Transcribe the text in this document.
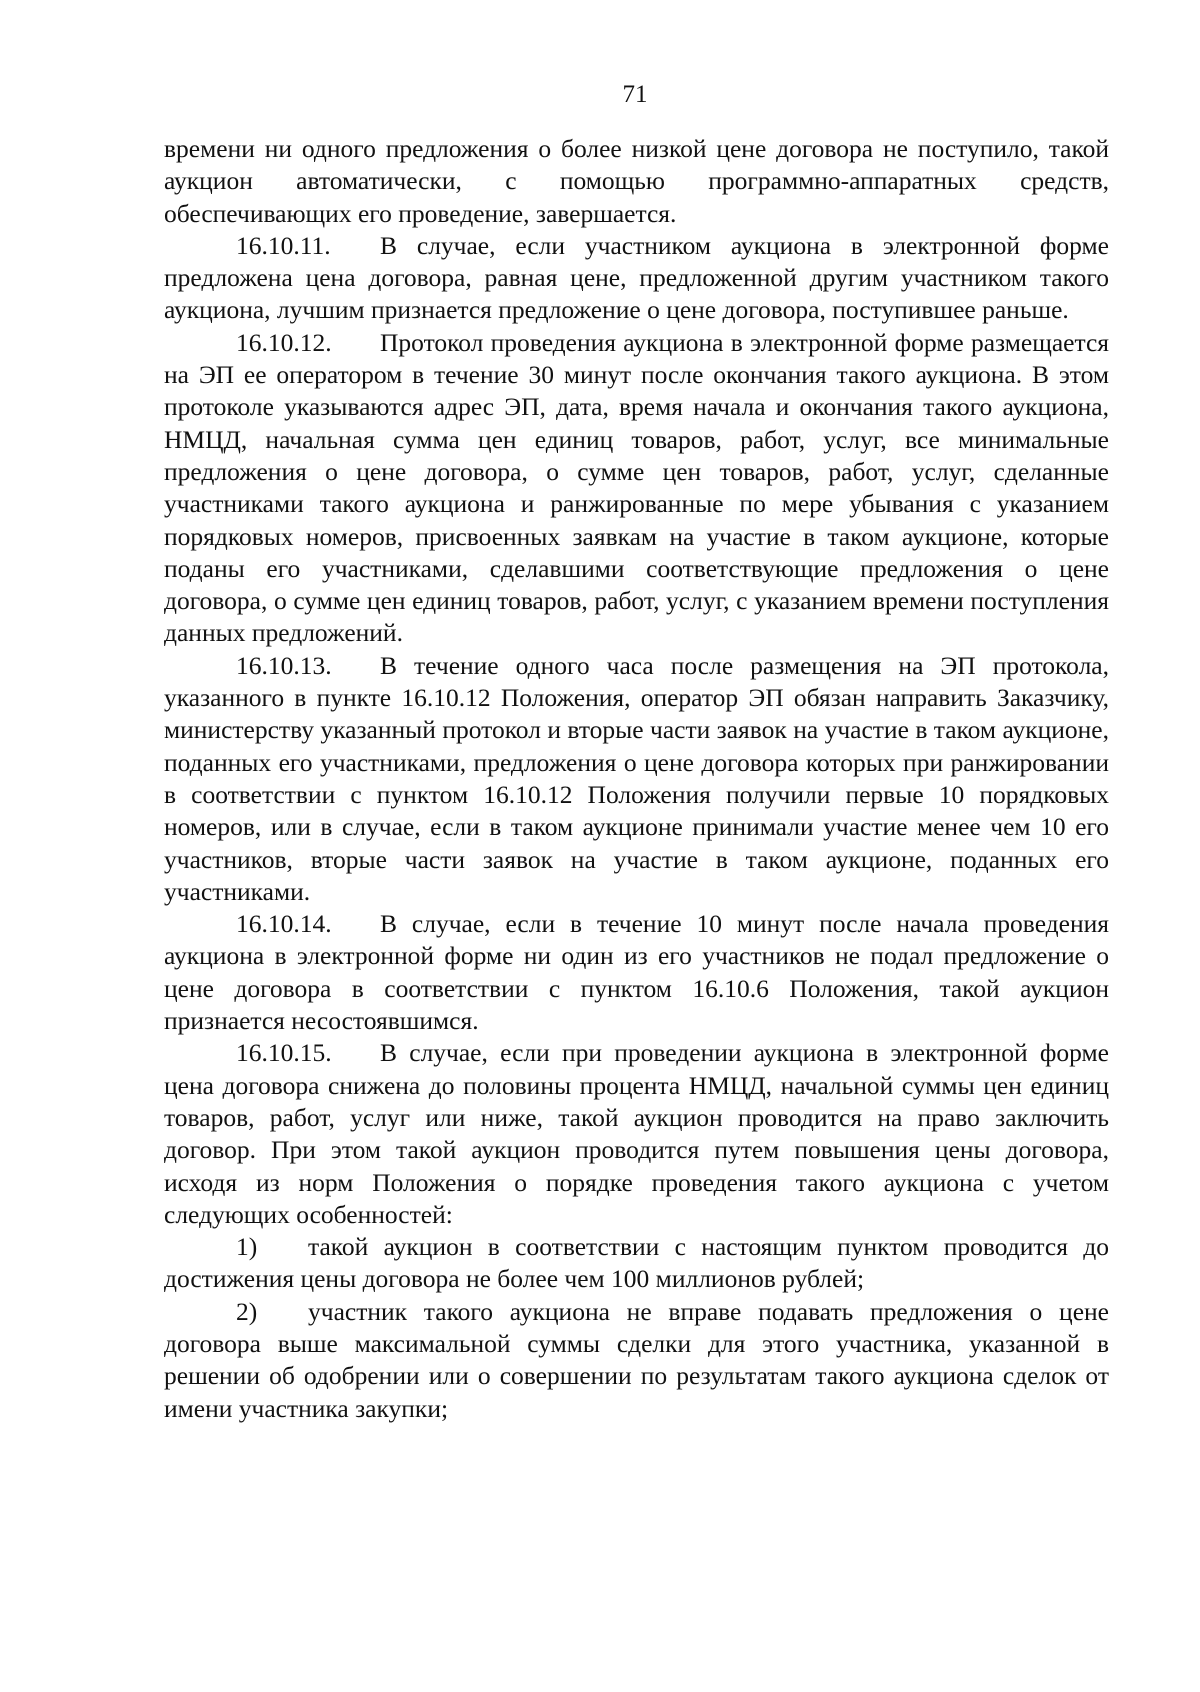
71

времени ни одного предложения о более низкой цене договора не поступило, такой аукцион автоматически, с помощью программно-аппаратных средств, обеспечивающих его проведение, завершается.

16.10.11. В случае, если участником аукциона в электронной форме предложена цена договора, равная цене, предложенной другим участником такого аукциона, лучшим признается предложение о цене договора, поступившее раньше.

16.10.12. Протокол проведения аукциона в электронной форме размещается на ЭП ее оператором в течение 30 минут после окончания такого аукциона. В этом протоколе указываются адрес ЭП, дата, время начала и окончания такого аукциона, НМЦД, начальная сумма цен единиц товаров, работ, услуг, все минимальные предложения о цене договора, о сумме цен товаров, работ, услуг, сделанные участниками такого аукциона и ранжированные по мере убывания с указанием порядковых номеров, присвоенных заявкам на участие в таком аукционе, которые поданы его участниками, сделавшими соответствующие предложения о цене договора, о сумме цен единиц товаров, работ, услуг, с указанием времени поступления данных предложений.

16.10.13. В течение одного часа после размещения на ЭП протокола, указанного в пункте 16.10.12 Положения, оператор ЭП обязан направить Заказчику, министерству указанный протокол и вторые части заявок на участие в таком аукционе, поданных его участниками, предложения о цене договора которых при ранжировании в соответствии с пунктом 16.10.12 Положения получили первые 10 порядковых номеров, или в случае, если в таком аукционе принимали участие менее чем 10 его участников, вторые части заявок на участие в таком аукционе, поданных его участниками.

16.10.14. В случае, если в течение 10 минут после начала проведения аукциона в электронной форме ни один из его участников не подал предложение о цене договора в соответствии с пунктом 16.10.6 Положения, такой аукцион признается несостоявшимся.

16.10.15. В случае, если при проведении аукциона в электронной форме цена договора снижена до половины процента НМЦД, начальной суммы цен единиц товаров, работ, услуг или ниже, такой аукцион проводится на право заключить договор. При этом такой аукцион проводится путем повышения цены договора, исходя из норм Положения о порядке проведения такого аукциона с учетом следующих особенностей:

1) такой аукцион в соответствии с настоящим пунктом проводится до достижения цены договора не более чем 100 миллионов рублей;

2) участник такого аукциона не вправе подавать предложения о цене договора выше максимальной суммы сделки для этого участника, указанной в решении об одобрении или о совершении по результатам такого аукциона сделок от имени участника закупки;
